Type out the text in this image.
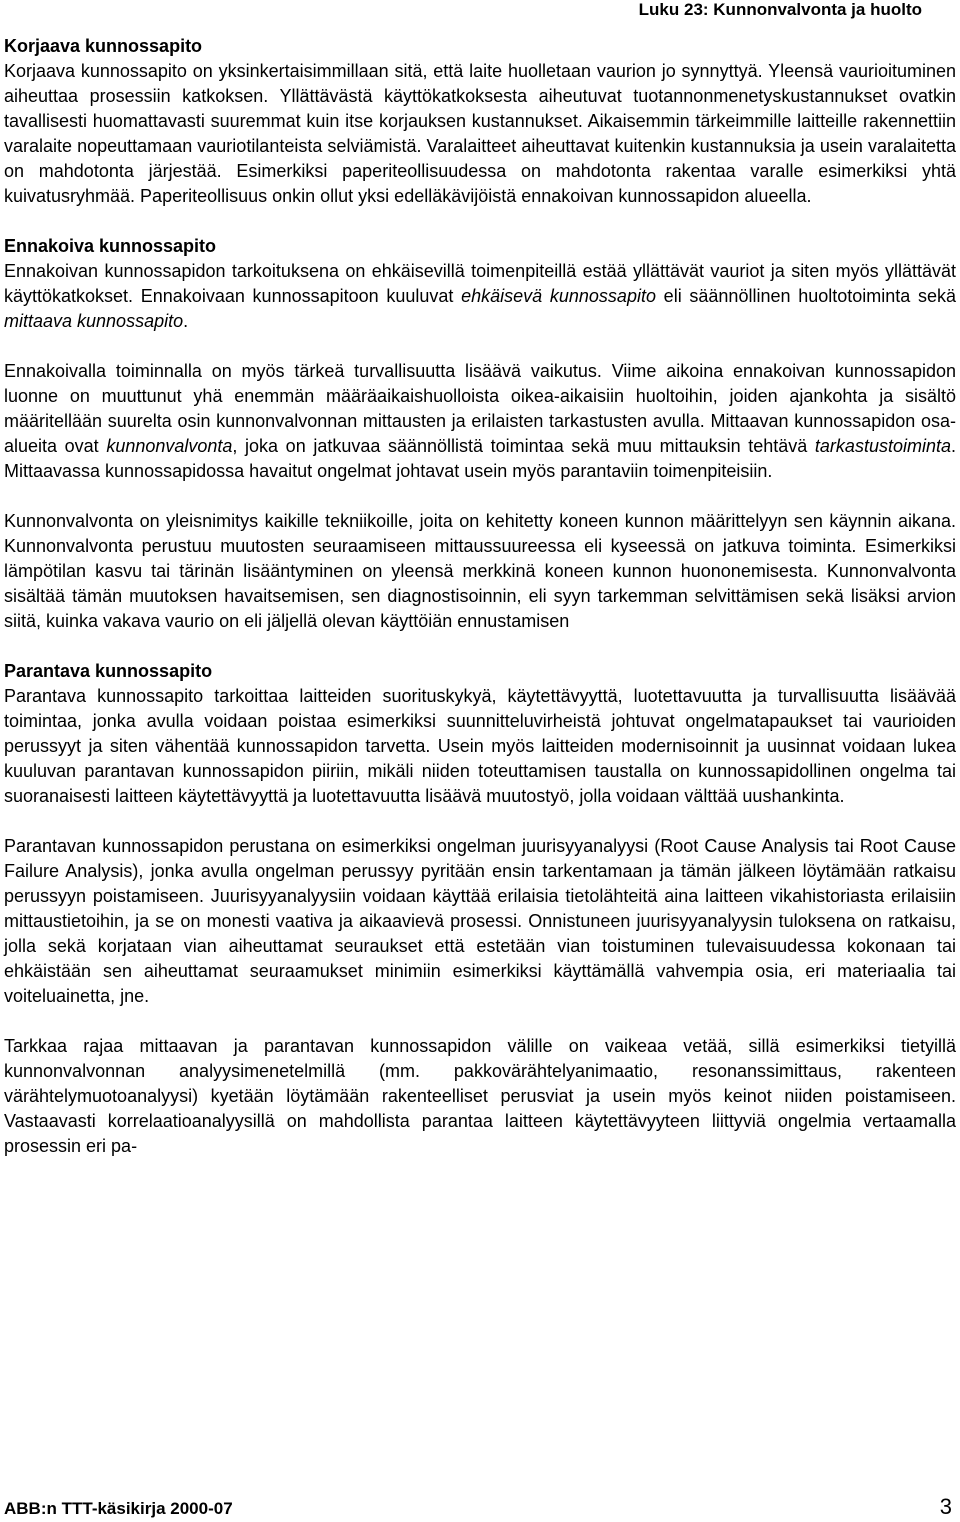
Luku 23: Kunnonvalvonta ja huolto
Korjaava kunnossapito

Korjaava kunnossapito on yksinkertaisimmillaan sitä, että laite huolletaan vaurion jo synnyttyä. Yleensä vaurioituminen aiheuttaa prosessiin katkoksen. Yllättävästä käyttökatkoksesta aiheutuvat tuotannonmenetyskustannukset ovatkin tavallisesti huomattavasti suuremmat kuin itse korjauksen kustannukset. Aikaisemmin tärkeimmille laitteille rakennettiin varalaite nopeuttamaan vauriotilanteista selviämistä. Varalaitteet aiheuttavat kuitenkin kustannuksia ja usein varalaitetta on mahdotonta järjestää. Esimerkiksi paperiteollisuudessa on mahdotonta rakentaa varalle esimerkiksi yhtä kuivatusryhmää. Paperiteollisuus onkin ollut yksi edelläkävijöistä ennakoivan kunnossapidon alueella.

Ennakoiva kunnossapito

Ennakoivan kunnossapidon tarkoituksena on ehkäisevillä toimenpiteillä estää yllättävät vauriot ja siten myös yllättävät käyttökatkokset. Ennakoivaan kunnossapitoon kuuluvat ehkäisevä kunnossapito eli säännöllinen huoltotoiminta sekä mittaava kunnossapito.

Ennakoivalla toiminnalla on myös tärkeä turvallisuutta lisäävä vaikutus. Viime aikoina ennakoivan kunnossapidon luonne on muuttunut yhä enemmän määräaikaishuolloista oikea-aikaisiin huoltoihin, joiden ajankohta ja sisältö määritellään suurelta osin kunnonvalvonnan mittausten ja erilaisten tarkastusten avulla. Mittaavan kunnossapidon osa-alueita ovat kunnonvalvonta, joka on jatkuvaa säännöllistä toimintaa sekä muu mittauksin tehtävä tarkastustoiminta. Mittaavassa kunnossapidossa havaitut ongelmat johtavat usein myös parantaviin toimenpiteisiin.

Kunnonvalvonta on yleisnimitys kaikille tekniikoille, joita on kehitetty koneen kunnon määrittelyyn sen käynnin aikana. Kunnonvalvonta perustuu muutosten seuraamiseen mittaussuureessa eli kyseessä on jatkuva toiminta. Esimerkiksi lämpötilan kasvu tai tärinän lisääntyminen on yleensä merkkinä koneen kunnon huononemisesta. Kunnonvalvonta sisältää tämän muutoksen havaitsemisen, sen diagnostisoinnin, eli syyn tarkemman selvittämisen sekä lisäksi arvion siitä, kuinka vakava vaurio on eli jäljellä olevan käyttöiän ennustamisen

Parantava kunnossapito

Parantava kunnossapito tarkoittaa laitteiden suorituskykyä, käytettävyyttä, luotettavuutta ja turvallisuutta lisäävää toimintaa, jonka avulla voidaan poistaa esimerkiksi suunnitteluvirheistä johtuvat ongelmatapaukset tai vaurioiden perussyyt ja siten vähentää kunnossapidon tarvetta. Usein myös laitteiden modernisoinnit ja uusinnat voidaan lukea kuuluvan parantavan kunnossapidon piiriin, mikäli niiden toteuttamisen taustalla on kunnossapidollinen ongelma tai suoranaisesti laitteen käytettävyyttä ja luotettavuutta lisäävä muutostyö, jolla voidaan välttää uushankinta.

Parantavan kunnossapidon perustana on esimerkiksi ongelman juurisyyanalyysi (Root Cause Analysis tai Root Cause Failure Analysis), jonka avulla ongelman perussyy pyritään ensin tarkentamaan ja tämän jälkeen löytämään ratkaisu perussyyn poistamiseen. Juurisyyanalyysiin voidaan käyttää erilaisia tietolähteitä aina laitteen vikahistoriasta erilaisiin mittaustietoihin, ja se on monesti vaativa ja aikaavievä prosessi. Onnistuneen juurisyyanalyysin tuloksena on ratkaisu, jolla sekä korjataan vian aiheuttamat seuraukset että estetään vian toistuminen tulevaisuudessa kokonaan tai ehkäistään sen aiheuttamat seuraamukset minimiin esimerkiksi käyttämällä vahvempia osia, eri materiaalia tai voiteluainetta, jne.

Tarkkaa rajaa mittaavan ja parantavan kunnossapidon välille on vaikeaa vetää, sillä esimerkiksi tietyillä kunnonvalvonnan analyysimenetelmillä (mm. pakkovärähtelyanimaatio, resonanssimittaus, rakenteen värähtelymuotoanalyysi) kyetään löytämään rakenteelliset perusviat ja usein myös keinot niiden poistamiseen. Vastaavasti korrelaatioanalyysillä on mahdollista parantaa laitteen käytettävyyteen liittyviä ongelmia vertaamalla prosessin eri pa-

ABB:n TTT-käsikirja 2000-07	3
